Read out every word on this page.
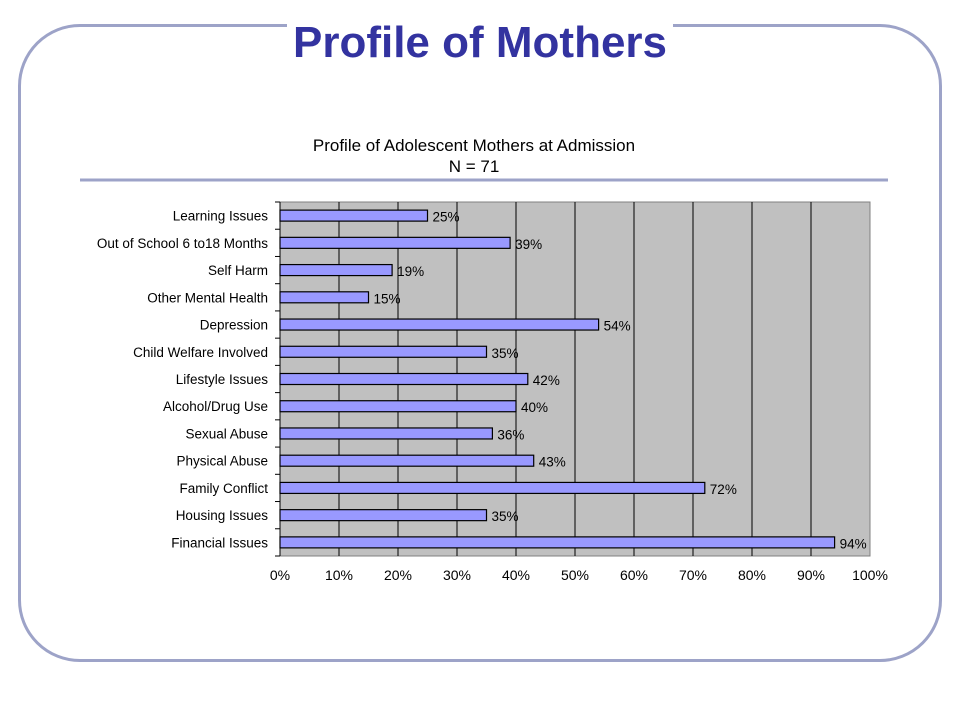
Profile of Mothers
Profile of Adolescent Mothers at Admission
N = 71
Learning Issues
Out of School 6 to18 Months
Self Harm
Other Mental Health
Depression
Child Welfare Involved
Lifestyle Issues
Alcohol/Drug Use
Sexual Abuse
Physical Abuse
Family Conflict
Housing Issues
Financial Issues
25%
39%
19%
15%
54%
35%
42%
40%
36%
43%
72%
35%
94%
0% 10% 20% 30% 40% 50% 60% 70% 80% 90% 100%
